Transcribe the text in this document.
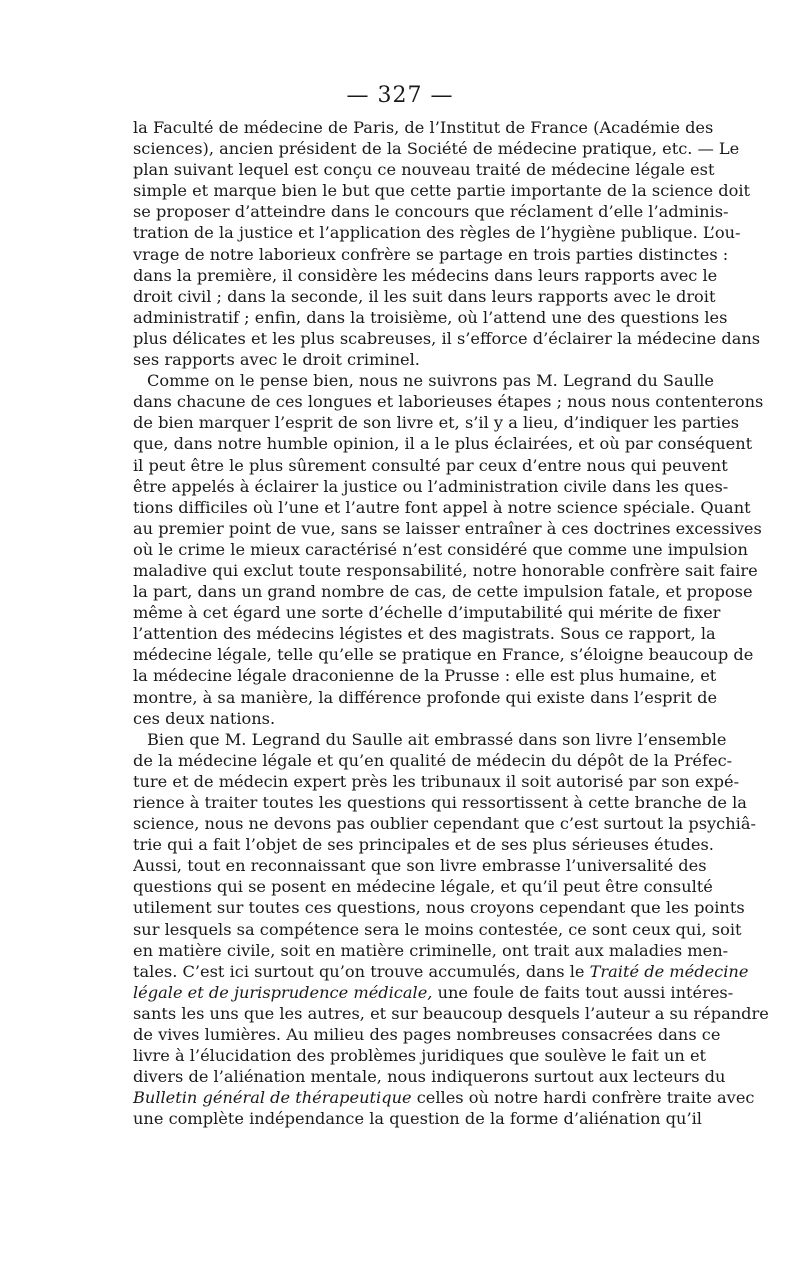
— 327 —

la Faculté de médecine de Paris, de l’Institut de France (Académie des
sciences), ancien président de la Société de médecine pratique, etc. — Le
plan suivant lequel est conçu ce nouveau traité de médecine légale est
simple et marque bien le but que cette partie importante de la science doit
se proposer d’atteindre dans le concours que réclament d’elle l’adminis-
tration de la justice et l’application des règles de l’hygiène publique. L’ou-
vrage de notre laborieux confrère se partage en trois parties distinctes :
dans la première, il considère les médecins dans leurs rapports avec le
droit civil ; dans la seconde, il les suit dans leurs rapports avec le droit
administratif ; enfin, dans la troisième, où l’attend une des questions les
plus délicates et les plus scabreuses, il s’efforce d’éclairer la médecine dans
ses rapports avec le droit criminel.

Comme on le pense bien, nous ne suivrons pas M. Legrand du Saulle
dans chacune de ces longues et laborieuses étapes ; nous nous contenterons
de bien marquer l’esprit de son livre et, s’il y a lieu, d’indiquer les parties
que, dans notre humble opinion, il a le plus éclairées, et où par conséquent
il peut être le plus sûrement consulté par ceux d’entre nous qui peuvent
être appelés à éclairer la justice ou l’administration civile dans les ques-
tions difficiles où l’une et l’autre font appel à notre science spéciale. Quant
au premier point de vue, sans se laisser entraîner à ces doctrines excessives
où le crime le mieux caractérisé n’est considéré que comme une impulsion
maladive qui exclut toute responsabilité, notre honorable confrère sait faire
la part, dans un grand nombre de cas, de cette impulsion fatale, et propose
même à cet égard une sorte d’échelle d’imputabilité qui mérite de fixer
l’attention des médecins légistes et des magistrats. Sous ce rapport, la
médecine légale, telle qu’elle se pratique en France, s’éloigne beaucoup de
la médecine légale draconienne de la Prusse : elle est plus humaine, et
montre, à sa manière, la différence profonde qui existe dans l’esprit de
ces deux nations.

Bien que M. Legrand du Saulle ait embrassé dans son livre l’ensemble
de la médecine légale et qu’en qualité de médecin du dépôt de la Préfec-
ture et de médecin expert près les tribunaux il soit autorisé par son expé-
rience à traiter toutes les questions qui ressortissent à cette branche de la
science, nous ne devons pas oublier cependant que c’est surtout la psychiâ-
trie qui a fait l’objet de ses principales et de ses plus sérieuses études.
Aussi, tout en reconnaissant que son livre embrasse l’universalité des
questions qui se posent en médecine légale, et qu’il peut être consulté
utilement sur toutes ces questions, nous croyons cependant que les points
sur lesquels sa compétence sera le moins contestée, ce sont ceux qui, soit
en matière civile, soit en matière criminelle, ont trait aux maladies men-
tales. C’est ici surtout qu’on trouve accumulés, dans le Traité de médecine
légale et de jurisprudence médicale, une foule de faits tout aussi intéres-
sants les uns que les autres, et sur beaucoup desquels l’auteur a su répandre
de vives lumières. Au milieu des pages nombreuses consacrées dans ce
livre à l’élucidation des problèmes juridiques que soulève le fait un et
divers de l’aliénation mentale, nous indiquerons surtout aux lecteurs du
Bulletin général de thérapeutique celles où notre hardi confrère traite avec
une complète indépendance la question de la forme d’aliénation qu’il
